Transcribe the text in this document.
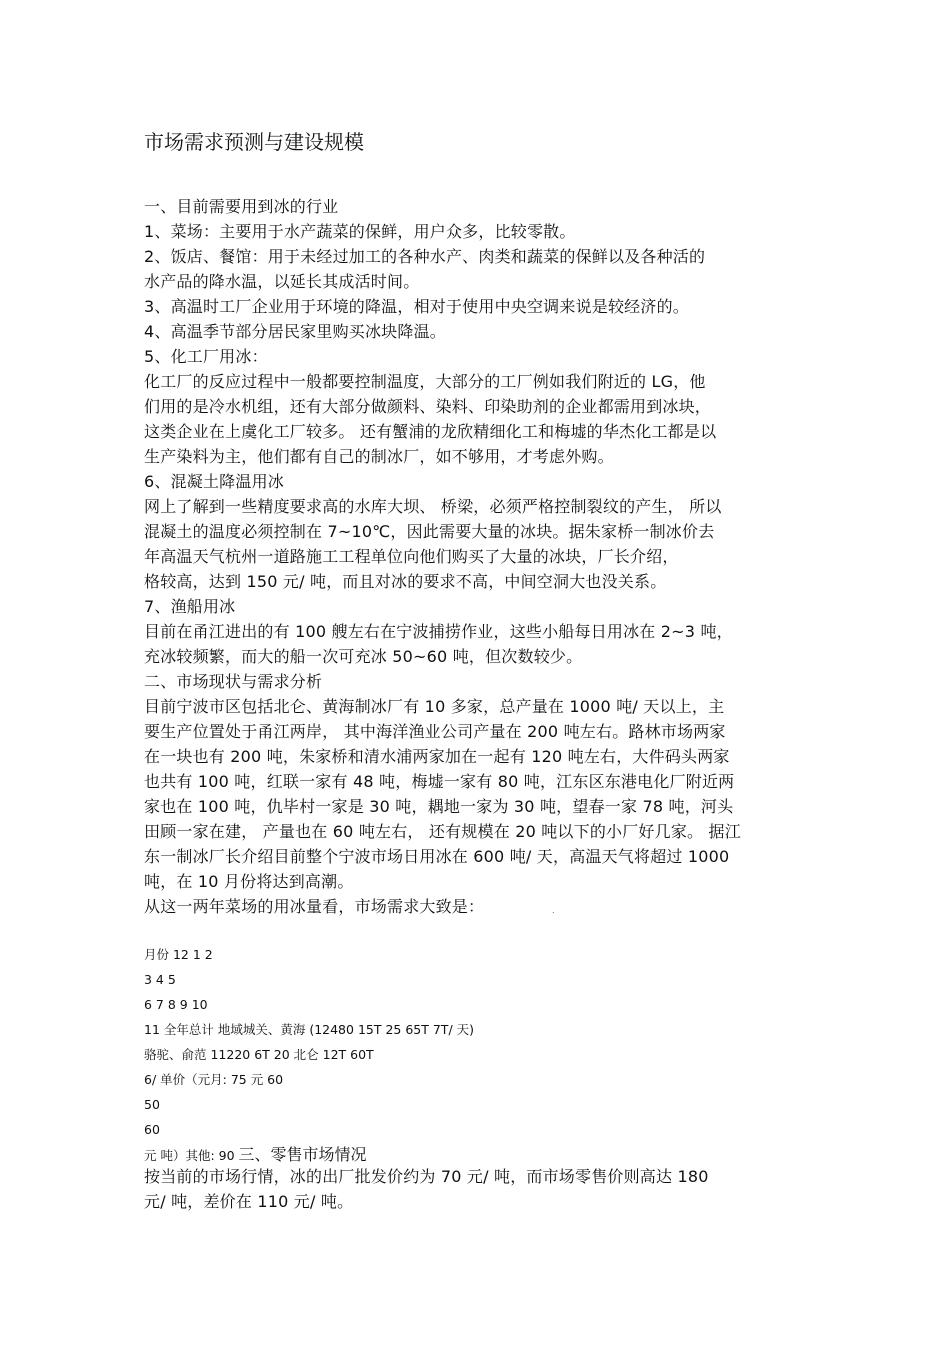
市场需求预测与建设规模
一、目前需要用到冰的行业
1、菜场：主要用于水产蔬菜的保鲜，用户众多，比较零散。
2、饭店、餐馆：用于未经过加工的各种水产、肉类和蔬菜的保鲜以及各种活的
水产品的降水温，以延长其成活时间。
3、高温时工厂企业用于环境的降温，相对于使用中央空调来说是较经济的。
4、高温季节部分居民家里购买冰块降温。
5、化工厂用冰：
化工厂的反应过程中一般都要控制温度，大部分的工厂例如我们附近的 LG，他
们用的是冷水机组，还有大部分做颜料、染料、印染助剂的企业都需用到冰块，
这类企业在上虞化工厂较多。 还有蟹浦的龙欣精细化工和梅墟的华杰化工都是以
生产染料为主，他们都有自己的制冰厂，如不够用，才考虑外购。
6、混凝土降温用冰
网上了解到一些精度要求高的水库大坝、 桥梁，必须严格控制裂纹的产生， 所以
混凝土的温度必须控制在 7~10℃，因此需要大量的冰块。据朱家桥一制冰价去
年高温天气杭州一道路施工工程单位向他们购买了大量的冰块，厂长介绍，
格较高，达到 150 元/ 吨，而且对冰的要求不高，中间空洞大也没关系。
7、渔船用冰
目前在甬江进出的有 100 艘左右在宁波捕捞作业，这些小船每日用冰在 2~3 吨，
充冰较频繁，而大的船一次可充冰 50~60 吨，但次数较少。
二、市场现状与需求分析
目前宁波市区包括北仑、黄海制冰厂有 10 多家，总产量在 1000 吨/ 天以上，主
要生产位置处于甬江两岸， 其中海洋渔业公司产量在 200 吨左右。路林市场两家
在一块也有 200 吨，朱家桥和清水浦两家加在一起有 120 吨左右，大件码头两家
也共有 100 吨，红联一家有 48 吨，梅墟一家有 80 吨，江东区东港电化厂附近两
家也在 100 吨，仇毕村一家是 30 吨，耦地一家为 30 吨，望春一家 78 吨，河头
田顾一家在建， 产量也在 60 吨左右， 还有规模在 20 吨以下的小厂好几家。 据江
东一制冰厂长介绍目前整个宁波市场日用冰在 600 吨/ 天，高温天气将超过 1000
吨，在 10 月份将达到高潮。
从这一两年菜场的用冰量看，市场需求大致是：	.
月份 12 1 2
3 4 5
6 7 8 9 10
11 全年总计 地域城关、黄海 (12480 15T 25 65T 7T/ 天)
骆驼、俞范 11220 6T 20 北仑 12T 60T
6/ 单价（元月: 75 元 60
50
60
元 吨）其他: 90 三、零售市场情况
按当前的市场行情，冰的出厂批发价约为 70 元/ 吨，而市场零售价则高达 180
元/ 吨，差价在 110 元/ 吨。
